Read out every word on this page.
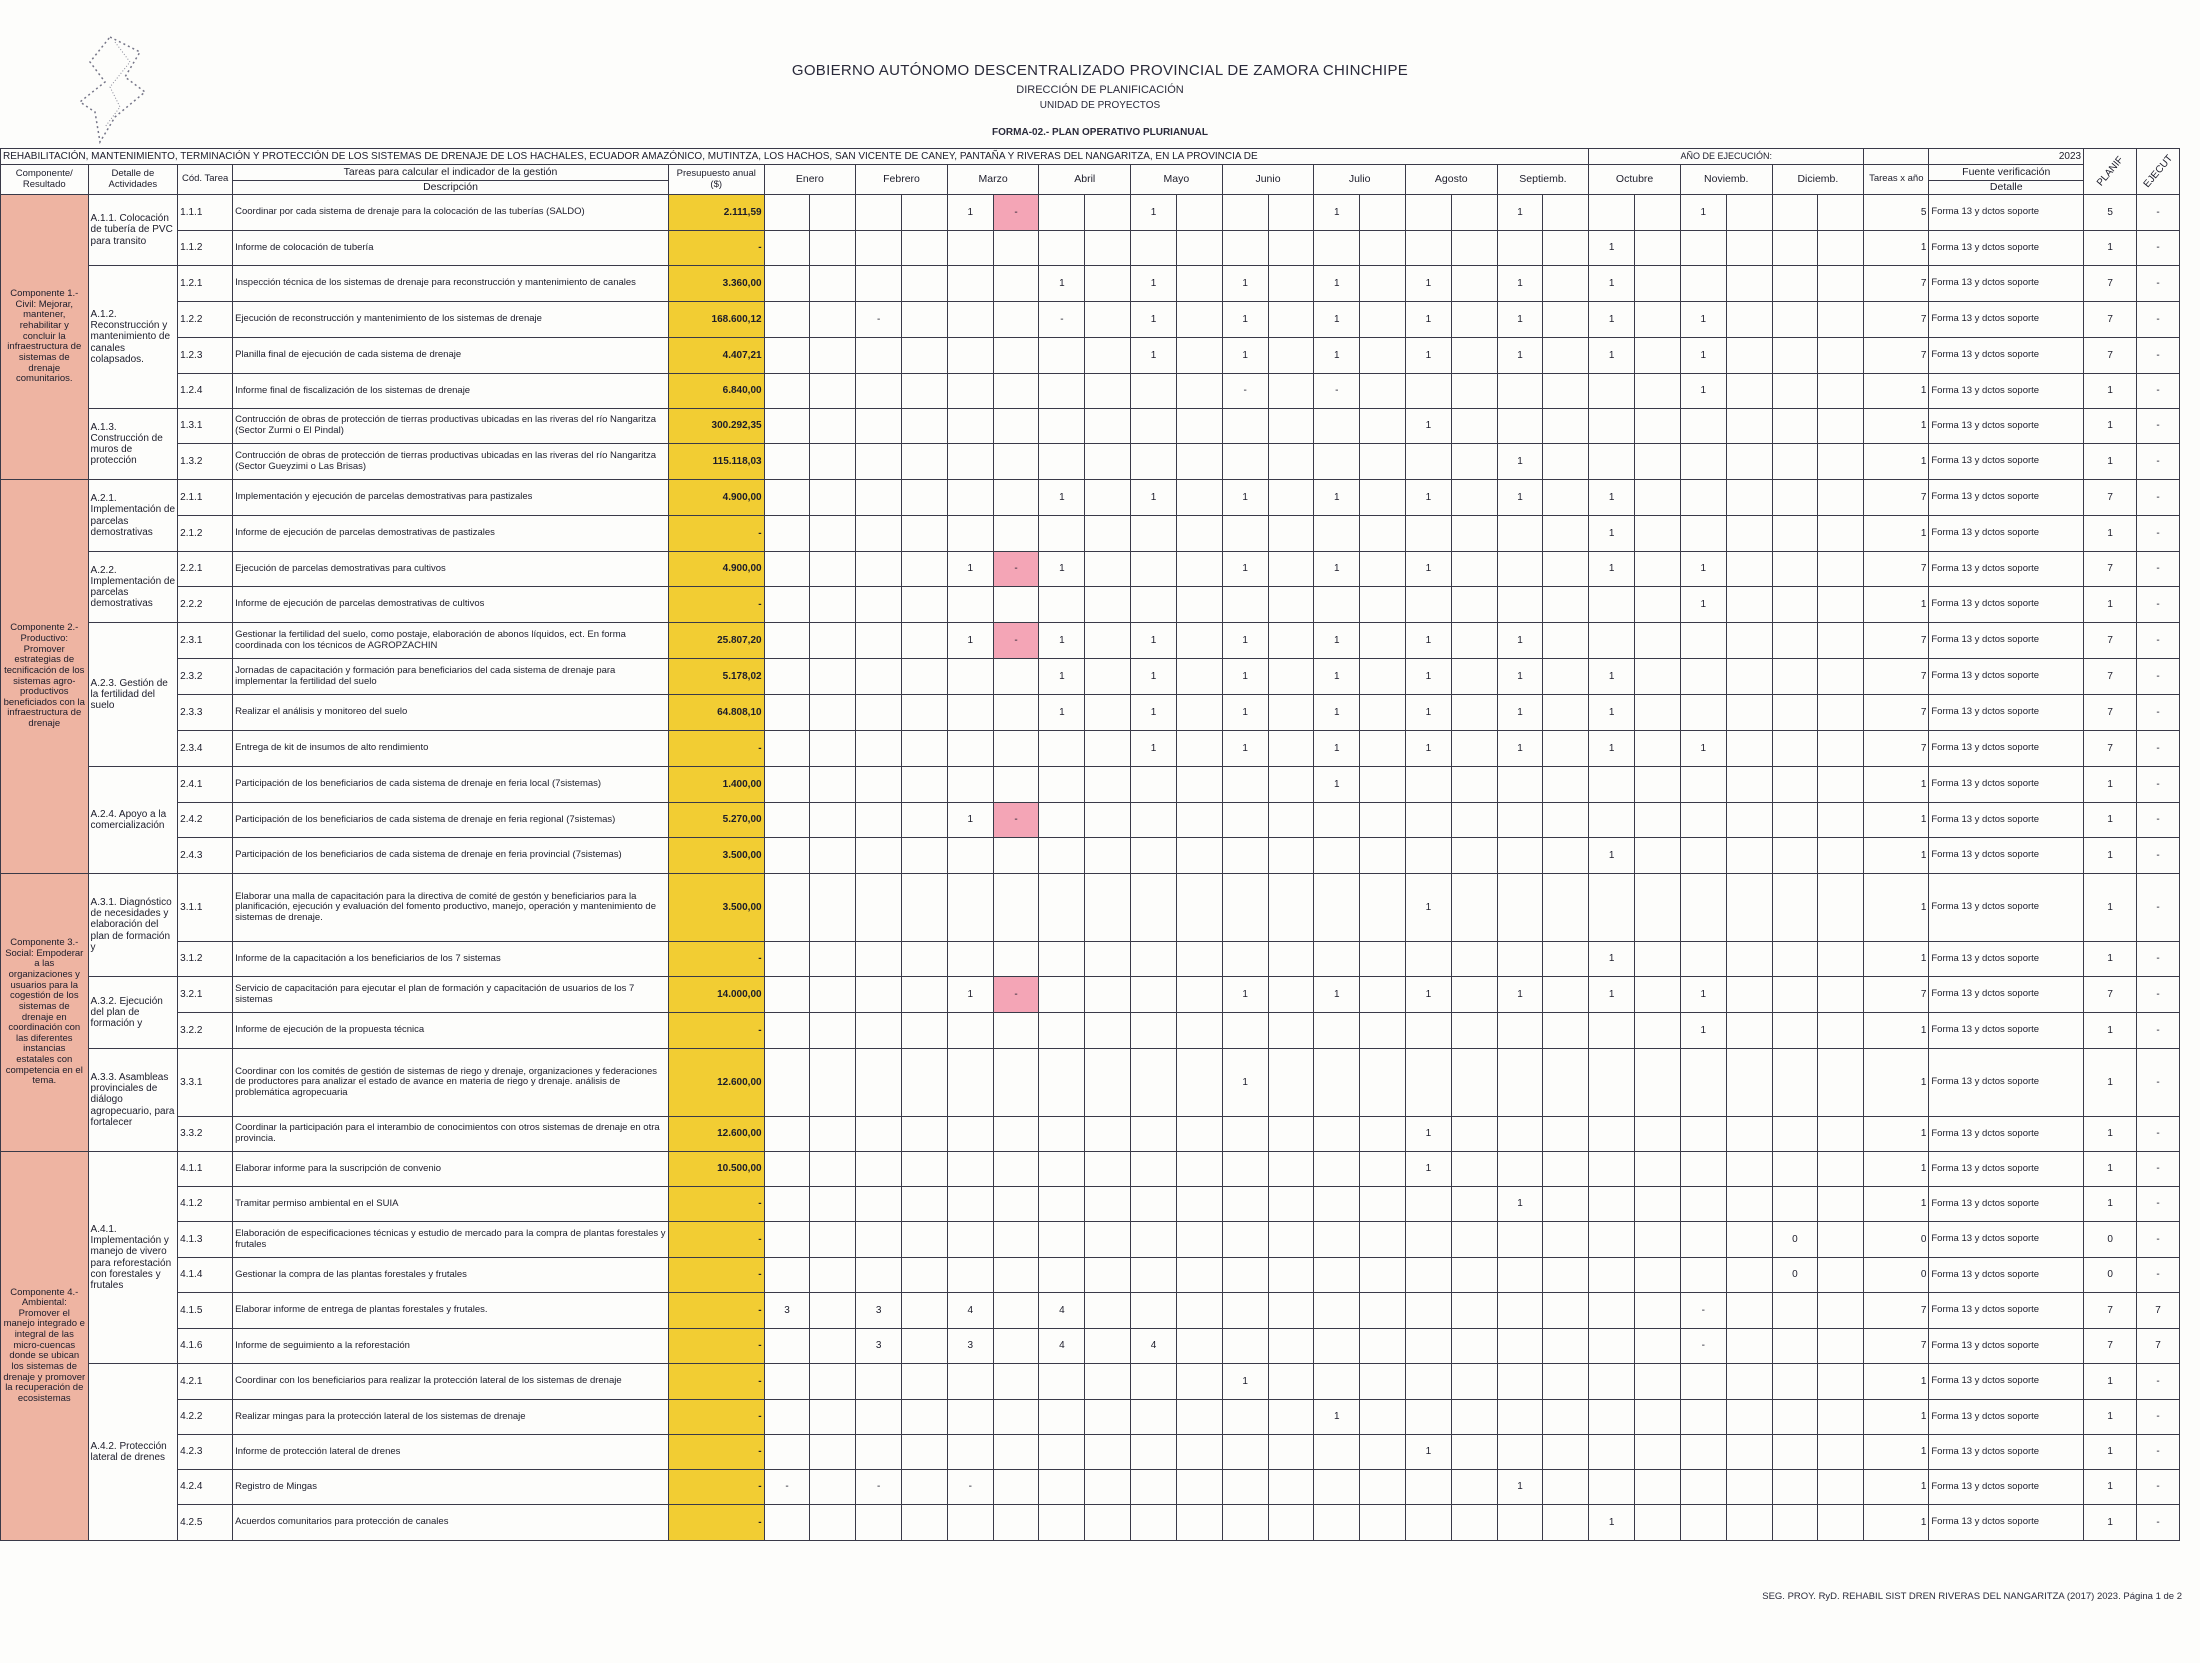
GOBIERNO AUTÓNOMO DESCENTRALIZADO PROVINCIAL DE ZAMORA CHINCHIPE
DIRECCIÓN DE PLANIFICACIÓN
UNIDAD DE PROYECTOS
FORMA-02.- PLAN OPERATIVO PLURIANUAL
REHABILITACIÓN, MANTENIMIENTO, TERMINACIÓN Y PROTECCIÓN DE LOS SISTEMAS DE DRENAJE DE LOS HACHALES, ECUADOR AMAZÓNICO, MUTINTZA, LOS HACHOS, SAN VICENTE DE CANEY, PANTAÑA Y RIVERAS DEL NANGARITZA, EN LA PROVINCIA DE																							AÑO DE EJECUCIÓN:							2023	PLANIF	EJECUT
Componente/ Resultado	Detalle de Actividades	Cód. Tarea	Tareas para calcular el indicador de la gestión	Presupuesto anual ($)	Enero		Febrero		Marzo		Abril		Mayo		Junio		Julio		Agosto		Septiemb.		Octubre		Noviemb.		Diciemb.		Tareas x año	Fuente verificación		
			Descripción																											Detalle		
Componente 1.- Civil: Mejorar, mantener, rehabilitar y concluir la infraestructura de sistemas de drenaje comunitarios.	A.1.1. Colocación de tubería de PVC para transito	1.1.1	Coordinar por cada sistema de drenaje para la colocación de las tuberías (SALDO)	2.111,59					1	-			1				1				1				1				5	Forma 13 y dctos soporte	5	-
		1.1.2	Informe de colocación de tubería	-																			1						1	Forma 13 y dctos soporte	1	-
	A.1.2. Reconstrucción y mantenimiento de canales colapsados.	1.2.1	Inspección técnica de los sistemas de drenaje para reconstrucción y mantenimiento de canales	3.360,00							1		1		1		1		1		1		1						7	Forma 13 y dctos soporte	7	-
		1.2.2	Ejecución de reconstrucción y mantenimiento de los sistemas de drenaje	168.600,12			-				-		1		1		1		1		1		1		1				7	Forma 13 y dctos soporte	7	-
		1.2.3	Planilla final de ejecución de cada sistema de drenaje	4.407,21									1		1		1		1		1		1		1				7	Forma 13 y dctos soporte	7	-
		1.2.4	Informe final de fiscalización de los sistemas de drenaje	6.840,00											-		-								1				1	Forma 13 y dctos soporte	1	-
	A.1.3. Construcción de muros de protección	1.3.1	Contrucción de obras de protección de tierras productivas ubicadas en las riveras del río Nangaritza (Sector Zurmi o El Pindal)	300.292,35															1										1	Forma 13 y dctos soporte	1	-
		1.3.2	Contrucción de obras de protección de tierras productivas ubicadas en las riveras del río Nangaritza (Sector Gueyzimi o Las Brisas)	115.118,03																	1								1	Forma 13 y dctos soporte	1	-
Componente 2.- Productivo: Promover estrategias de tecnificación de los sistemas agro-productivos beneficiados con la infraestructura de drenaje	A.2.1. Implementación de parcelas demostrativas	2.1.1	Implementación y ejecución de parcelas demostrativas para pastizales	4.900,00							1		1		1		1		1		1		1						7	Forma 13 y dctos soporte	7	-
		2.1.2	Informe de ejecución de parcelas demostrativas de pastizales	-																			1						1	Forma 13 y dctos soporte	1	-
	A.2.2. Implementación de parcelas demostrativas	2.2.1	Ejecución de parcelas demostrativas para cultivos	4.900,00					1	-	1				1		1		1				1		1				7	Forma 13 y dctos soporte	7	-
		2.2.2	Informe de ejecución de parcelas demostrativas de cultivos	-																					1				1	Forma 13 y dctos soporte	1	-
	A.2.3. Gestión de la fertilidad del suelo	2.3.1	Gestionar la fertilidad del suelo, como postaje, elaboración de abonos líquidos, ect. En forma coordinada con los técnicos de AGROPZACHIN	25.807,20					1	-	1		1		1		1		1		1								7	Forma 13 y dctos soporte	7	-
		2.3.2	Jornadas de capacitación y formación para beneficiarios del cada sistema de drenaje para implementar la fertilidad del suelo	5.178,02							1		1		1		1		1		1		1						7	Forma 13 y dctos soporte	7	-
		2.3.3	Realizar el análisis y monitoreo del suelo	64.808,10							1		1		1		1		1		1		1						7	Forma 13 y dctos soporte	7	-
		2.3.4	Entrega de kit de insumos de alto rendimiento	-									1		1		1		1		1		1		1				7	Forma 13 y dctos soporte	7	-
	A.2.4. Apoyo a la comercialización	2.4.1	Participación de los beneficiarios de cada sistema de drenaje en feria local (7sistemas)	1.400,00													1												1	Forma 13 y dctos soporte	1	-
		2.4.2	Participación de los beneficiarios de cada sistema de drenaje en feria regional (7sistemas)	5.270,00					1	-																			1	Forma 13 y dctos soporte	1	-
		2.4.3	Participación de los beneficiarios de cada sistema de drenaje en feria provincial (7sistemas)	3.500,00																			1						1	Forma 13 y dctos soporte	1	-
Componente 3.- Social: Empoderar a las organizaciones y usuarios para la cogestión de los sistemas de drenaje en coordinación con las diferentes instancias estatales con competencia en el tema.	A.3.1. Diagnóstico de necesidades y elaboración del plan de formación y	3.1.1	Elaborar una malla de capacitación para la directiva de comité de gestón y beneficiarios para la planificación, ejecución y evaluación del fomento productivo, manejo, operación y mantenimiento de sistemas de drenaje.	3.500,00															1										1	Forma 13 y dctos soporte	1	-
		3.1.2	Informe de la capacitación a los beneficiarios de los 7 sistemas	-																			1						1	Forma 13 y dctos soporte	1	-
	A.3.2. Ejecución del plan de formación y	3.2.1	Servicio de capacitación para ejecutar el plan de formación y capacitación de usuarios de los 7 sistemas	14.000,00					1	-					1		1		1		1		1		1				7	Forma 13 y dctos soporte	7	-
		3.2.2	Informe de ejecución de la propuesta técnica	-																					1				1	Forma 13 y dctos soporte	1	-
	A.3.3. Asambleas provinciales de diálogo agropecuario, para fortalecer	3.3.1	Coordinar con los comités de gestión de sistemas de riego y drenaje, organizaciones y federaciones de productores para analizar el estado de avance en materia de riego y drenaje. análisis de problemática agropecuaria	12.600,00											1														1	Forma 13 y dctos soporte	1	-
		3.3.2	Coordinar la participación para el interambio de conocimientos con otros sistemas de drenaje en otra provincia.	12.600,00															1										1	Forma 13 y dctos soporte	1	-
Componente 4.- Ambiental: Promover el manejo integrado e integral de las micro-cuencas donde se ubican los sistemas de drenaje y promover la recuperación de ecosistemas	A.4.1. Implementación y manejo de vivero para reforestación con forestales y frutales	4.1.1	Elaborar informe para la suscripción de convenio	10.500,00															1										1	Forma 13 y dctos soporte	1	-
		4.1.2	Tramitar permiso ambiental en el SUIA	-																	1								1	Forma 13 y dctos soporte	1	-
		4.1.3	Elaboración de especificaciones técnicas y estudio de mercado para la compra de plantas forestales y frutales	-																							0		0	Forma 13 y dctos soporte	0	-
		4.1.4	Gestionar la compra de las plantas forestales y frutales	-																							0		0	Forma 13 y dctos soporte	0	-
		4.1.5	Elaborar informe de entrega de plantas forestales y frutales.	-	3		3		4		4														-				7	Forma 13 y dctos soporte	7	7
		4.1.6	Informe de seguimiento a la reforestación	-			3		3		4		4												-				7	Forma 13 y dctos soporte	7	7
	A.4.2. Protección lateral de drenes	4.2.1	Coordinar con los beneficiarios para realizar la protección lateral de los sistemas de drenaje	-											1														1	Forma 13 y dctos soporte	1	-
		4.2.2	Realizar mingas para la protección lateral de los sistemas de drenaje	-													1												1	Forma 13 y dctos soporte	1	-
		4.2.3	Informe de protección lateral de drenes	-															1										1	Forma 13 y dctos soporte	1	-
		4.2.4	Registro de Mingas	-	-		-		-												1								1	Forma 13 y dctos soporte	1	-
		4.2.5	Acuerdos comunitarios para protección de canales	-																			1						1	Forma 13 y dctos soporte	1	-
SEG. PROY. RyD. REHABIL SIST DREN RIVERAS DEL NANGARITZA (2017) 2023. Página 1 de 2
